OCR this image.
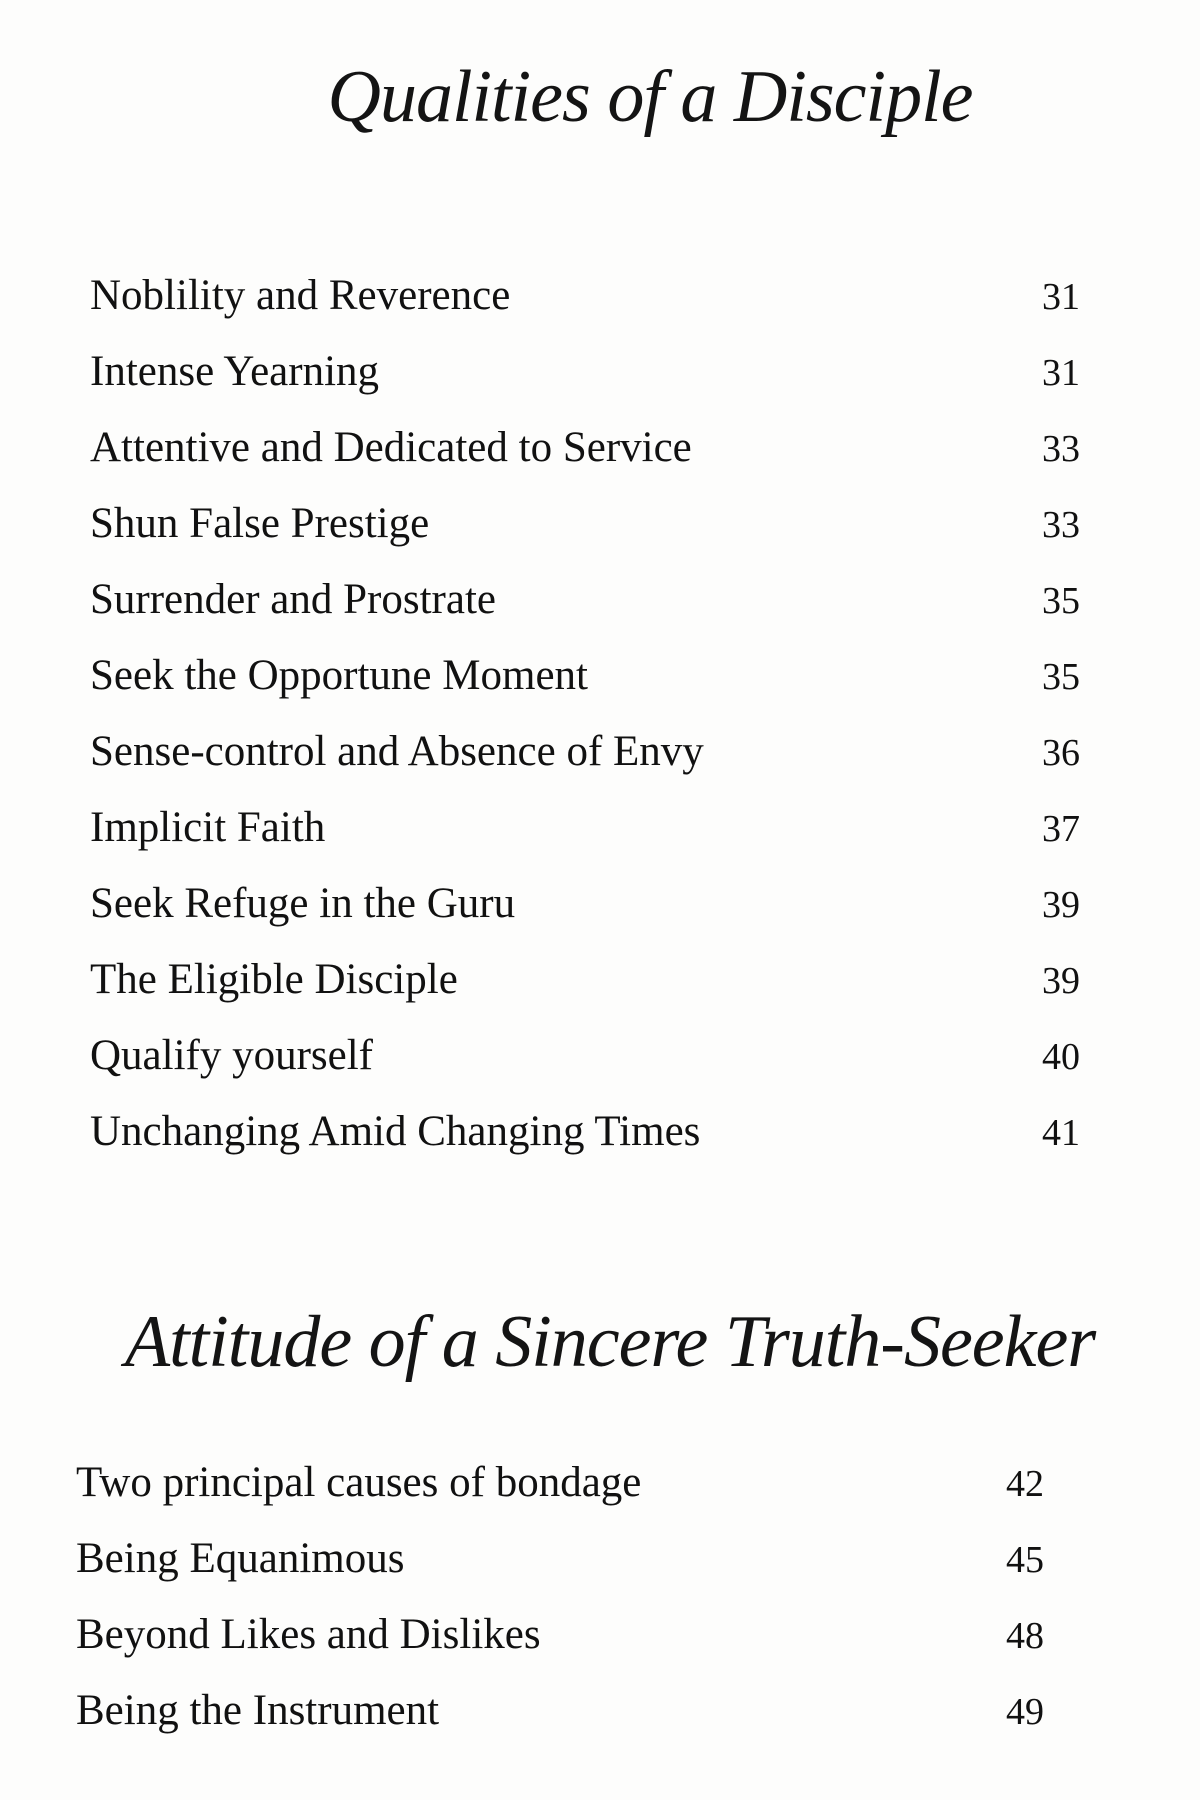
Qualities of a Disciple
Noblility and Reverence	31
Intense Yearning	31
Attentive and Dedicated to Service	33
Shun False Prestige	33
Surrender and Prostrate	35
Seek the Opportune Moment	35
Sense-control and Absence of Envy	36
Implicit Faith	37
Seek Refuge in the Guru	39
The Eligible Disciple	39
Qualify yourself	40
Unchanging Amid Changing Times	41
Attitude of a Sincere Truth-Seeker
Two principal causes of bondage	42
Being Equanimous	45
Beyond Likes and Dislikes	48
Being the Instrument	49
